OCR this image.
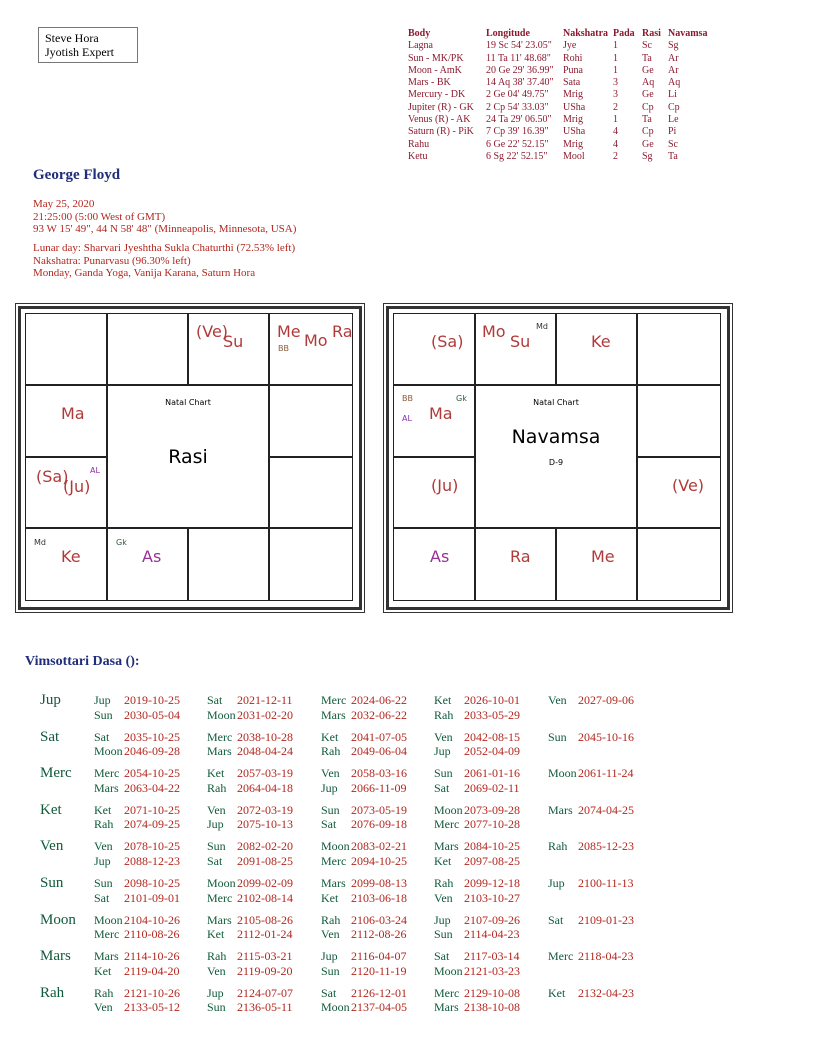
Steve Hora
Jyotish Expert
Body	Longitude	Nakshatra	Pada	Rasi	Navamsa
Lagna	19 Sc 54' 23.05"	Jye	1	Sc	Sg
Sun - MK/PK	11 Ta 11' 48.68"	Rohi	1	Ta	Ar
Moon - AmK	20 Ge 29' 36.99"	Puna	1	Ge	Ar
Mars - BK	14 Aq 38' 37.40"	Sata	3	Aq	Aq
Mercury - DK	2 Ge 04' 49.75"	Mrig	3	Ge	Li
Jupiter (R) - GK	2 Cp 54' 33.03"	USha	2	Cp	Cp
Venus (R) - AK	24 Ta 29' 06.50"	Mrig	1	Ta	Le
Saturn (R) - PiK	7 Cp 39' 16.39"	USha	4	Cp	Pi
Rahu	6 Ge 22' 52.15"	Mrig	4	Ge	Sc
Ketu	6 Sg 22' 52.15"	Mool	2	Sg	Ta
George Floyd
May 25, 2020
21:25:00 (5:00 West of GMT)
93 W 15' 49", 44 N 58' 48" (Minneapolis, Minnesota, USA)
Lunar day: Sharvari Jyeshtha Sukla Chaturthi (72.53% left)
Nakshatra: Punarvasu (96.30% left)
Monday, Ganda Yoga, Vanija Karana, Saturn Hora
(Ve)
Su
Me Mo Ra
BB
Ma
(Sa)
(Ju)
AL
Md
Ke
Gk
As
Natal Chart
Rasi
(Sa)
Mo
Su
Md
Ke
BB	Gk
Ma
AL
(Ju)
As	Ra	Me
(Ve)
Natal Chart
Navamsa
D-9
Vimsottari Dasa ():
Jup	Jup 2019-10-25 Sat 2021-12-11 Merc 2024-06-22 Ket 2026-10-01 Ven 2027-09-06
Sun 2030-05-04 Moon2031-02-20 Mars 2032-06-22 Rah 2033-05-29
Sat	Sat 2035-10-25 Merc 2038-10-28 Ket 2041-07-05 Ven 2042-08-15 Sun 2045-10-16
Moon2046-09-28 Mars 2048-04-24 Rah 2049-06-04 Jup 2052-04-09
Merc Merc 2054-10-25 Ket 2057-03-19 Ven 2058-03-16 Sun 2061-01-16 Moon2061-11-24
Mars 2063-04-22 Rah 2064-04-18 Jup 2066-11-09 Sat 2069-02-11
Ket	Ket 2071-10-25 Ven 2072-03-19 Sun 2073-05-19 Moon2073-09-28 Mars 2074-04-25
Rah 2074-09-25 Jup 2075-10-13 Sat 2076-09-18 Merc 2077-10-28
Ven	Ven 2078-10-25 Sun 2082-02-20 Moon2083-02-21 Mars 2084-10-25 Rah 2085-12-23
Jup 2088-12-23 Sat 2091-08-25 Merc 2094-10-25 Ket 2097-08-25
Sun	Sun 2098-10-25 Moon2099-02-09 Mars 2099-08-13 Rah 2099-12-18 Jup 2100-11-13
Sat 2101-09-01 Merc 2102-08-14 Ket 2103-06-18 Ven 2103-10-27
Moon Moon2104-10-26 Mars 2105-08-26 Rah 2106-03-24 Jup 2107-09-26 Sat 2109-01-23
Merc 2110-08-26 Ket 2112-01-24 Ven 2112-08-26 Sun 2114-04-23
Mars Mars 2114-10-26 Rah 2115-03-21 Jup 2116-04-07 Sat 2117-03-14 Merc 2118-04-23
Ket 2119-04-20 Ven 2119-09-20 Sun 2120-11-19 Moon2121-03-23
Rah Rah 2121-10-26 Jup 2124-07-07 Sat 2126-12-01 Merc 2129-10-08 Ket 2132-04-23
Ven 2133-05-12 Sun 2136-05-11 Moon2137-04-05 Mars 2138-10-08
